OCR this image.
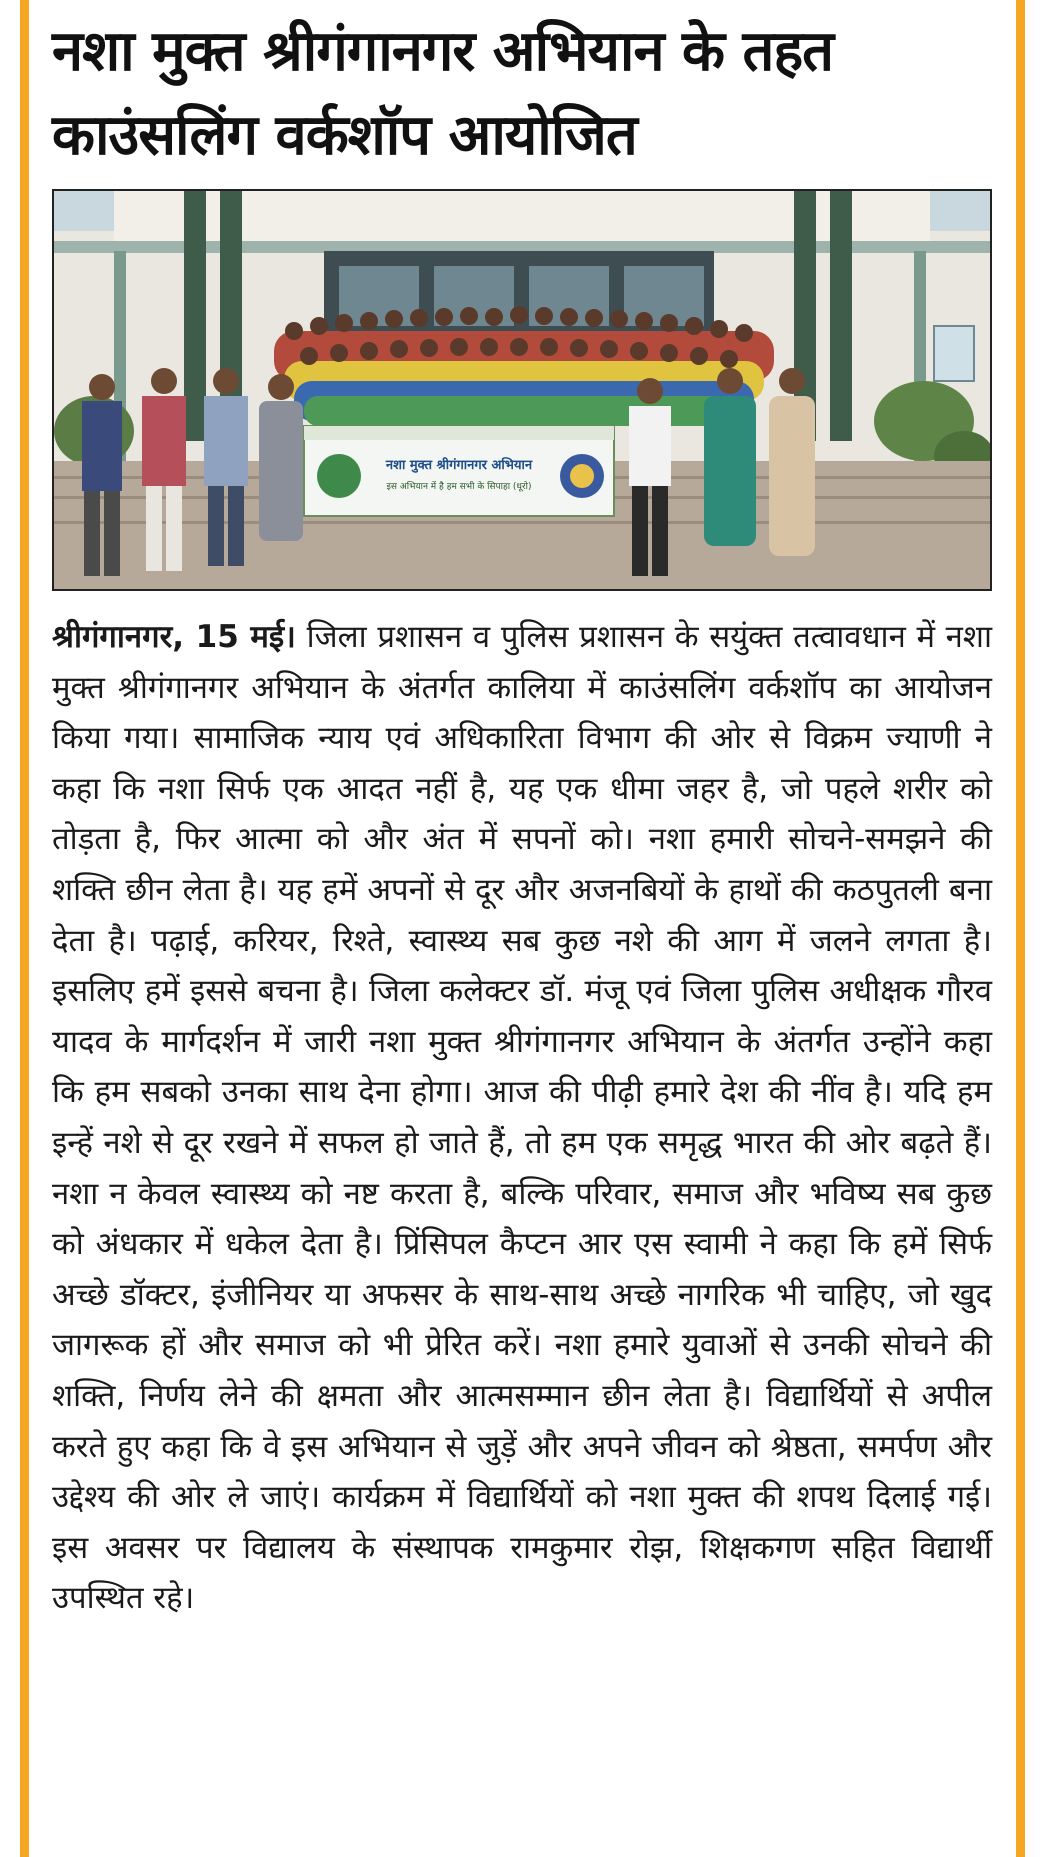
नशा मुक्त श्रीगंगानगर अभियान के तहत
काउंसलिंग वर्कशॉप आयोजित
नशा मुक्त श्रीगंगानगर अभियान
इस अभियान में है हम सभी के सिपाहा (धूरो)

श्रीगंगानगर, 15 मई। जिला प्रशासन व पुलिस प्रशासन के सयुंक्त तत्वावधान में नशा मुक्त श्रीगंगानगर अभियान के अंतर्गत कालिया में काउंसलिंग वर्कशॉप का आयोजन किया गया। सामाजिक न्याय एवं अधिकारिता विभाग की ओर से विक्रम ज्याणी ने कहा कि नशा सिर्फ एक आदत नहीं है, यह एक धीमा जहर है, जो पहले शरीर को तोड़ता है, फिर आत्मा को और अंत में सपनों को। नशा हमारी सोचने-समझने की शक्ति छीन लेता है। यह हमें अपनों से दूर और अजनबियों के हाथों की कठपुतली बना देता है। पढ़ाई, करियर, रिश्ते, स्वास्थ्य सब कुछ नशे की आग में जलने लगता है। इसलिए हमें इससे बचना है। जिला कलेक्टर डॉ. मंजू एवं जिला पुलिस अधीक्षक गौरव यादव के मार्गदर्शन में जारी नशा मुक्त श्रीगंगानगर अभियान के अंतर्गत उन्होंने कहा कि हम सबको उनका साथ देना होगा। आज की पीढ़ी हमारे देश की नींव है। यदि हम इन्हें नशे से दूर रखने में सफल हो जाते हैं, तो हम एक समृद्ध भारत की ओर बढ़ते हैं। नशा न केवल स्वास्थ्य को नष्ट करता है, बल्कि परिवार, समाज और भविष्य सब कुछ को अंधकार में धकेल देता है। प्रिंसिपल कैप्टन आर एस स्वामी ने कहा कि हमें सिर्फ अच्छे डॉक्टर, इंजीनियर या अफसर के साथ-साथ अच्छे नागरिक भी चाहिए, जो खुद जागरूक हों और समाज को भी प्रेरित करें। नशा हमारे युवाओं से उनकी सोचने की शक्ति, निर्णय लेने की क्षमता और आत्मसम्मान छीन लेता है। विद्यार्थियों से अपील करते हुए कहा कि वे इस अभियान से जुड़ें और अपने जीवन को श्रेष्ठता, समर्पण और उद्देश्य की ओर ले जाएं। कार्यक्रम में विद्यार्थियों को नशा मुक्त की शपथ दिलाई गई। इस अवसर पर विद्यालय के संस्थापक रामकुमार रोझ, शिक्षकगण सहित विद्यार्थी उपस्थित रहे।
